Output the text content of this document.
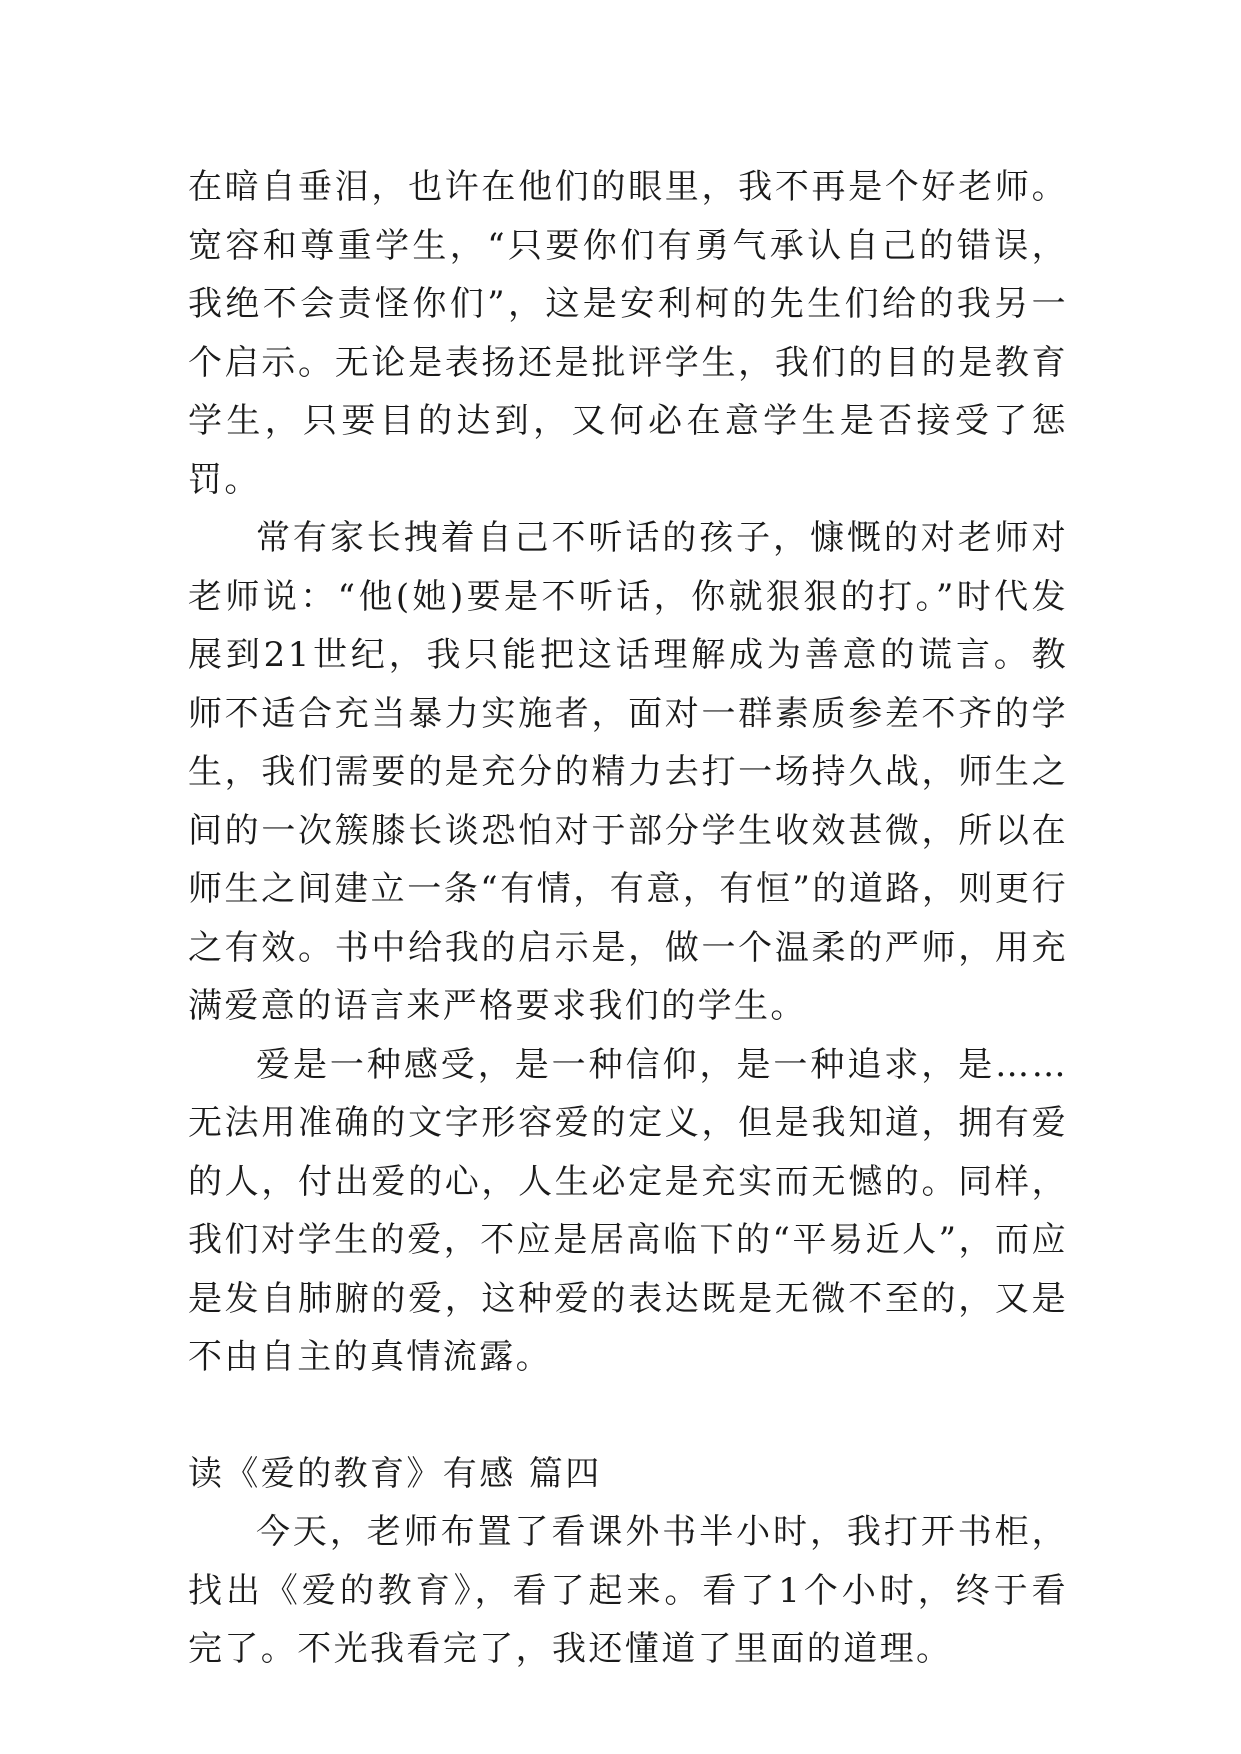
在暗自垂泪，也许在他们的眼里，我不再是个好老师。宽容和尊重学生，“只要你们有勇气承认自己的错误，我绝不会责怪你们”，这是安利柯的先生们给的我另一个启示。无论是表扬还是批评学生，我们的目的是教育学生，只要目的达到，又何必在意学生是否接受了惩罚。

常有家长拽着自己不听话的孩子，慷慨的对老师对老师说：“他(她)要是不听话，你就狠狠的打。”时代发展到21世纪，我只能把这话理解成为善意的谎言。教师不适合充当暴力实施者，面对一群素质参差不齐的学生，我们需要的是充分的精力去打一场持久战，师生之间的一次簇膝长谈恐怕对于部分学生收效甚微，所以在师生之间建立一条“有情，有意，有恒”的道路，则更行之有效。书中给我的启示是，做一个温柔的严师，用充满爱意的语言来严格要求我们的学生。

爱是一种感受，是一种信仰，是一种追求，是……无法用准确的文字形容爱的定义，但是我知道，拥有爱的人，付出爱的心，人生必定是充实而无憾的。同样，我们对学生的爱，不应是居高临下的“平易近人”，而应是发自肺腑的爱，这种爱的表达既是无微不至的，又是不由自主的真情流露。

读《爱的教育》有感 篇四

今天，老师布置了看课外书半小时，我打开书柜，找出《爱的教育》，看了起来。看了1个小时，终于看完了。不光我看完了，我还懂道了里面的道理。
